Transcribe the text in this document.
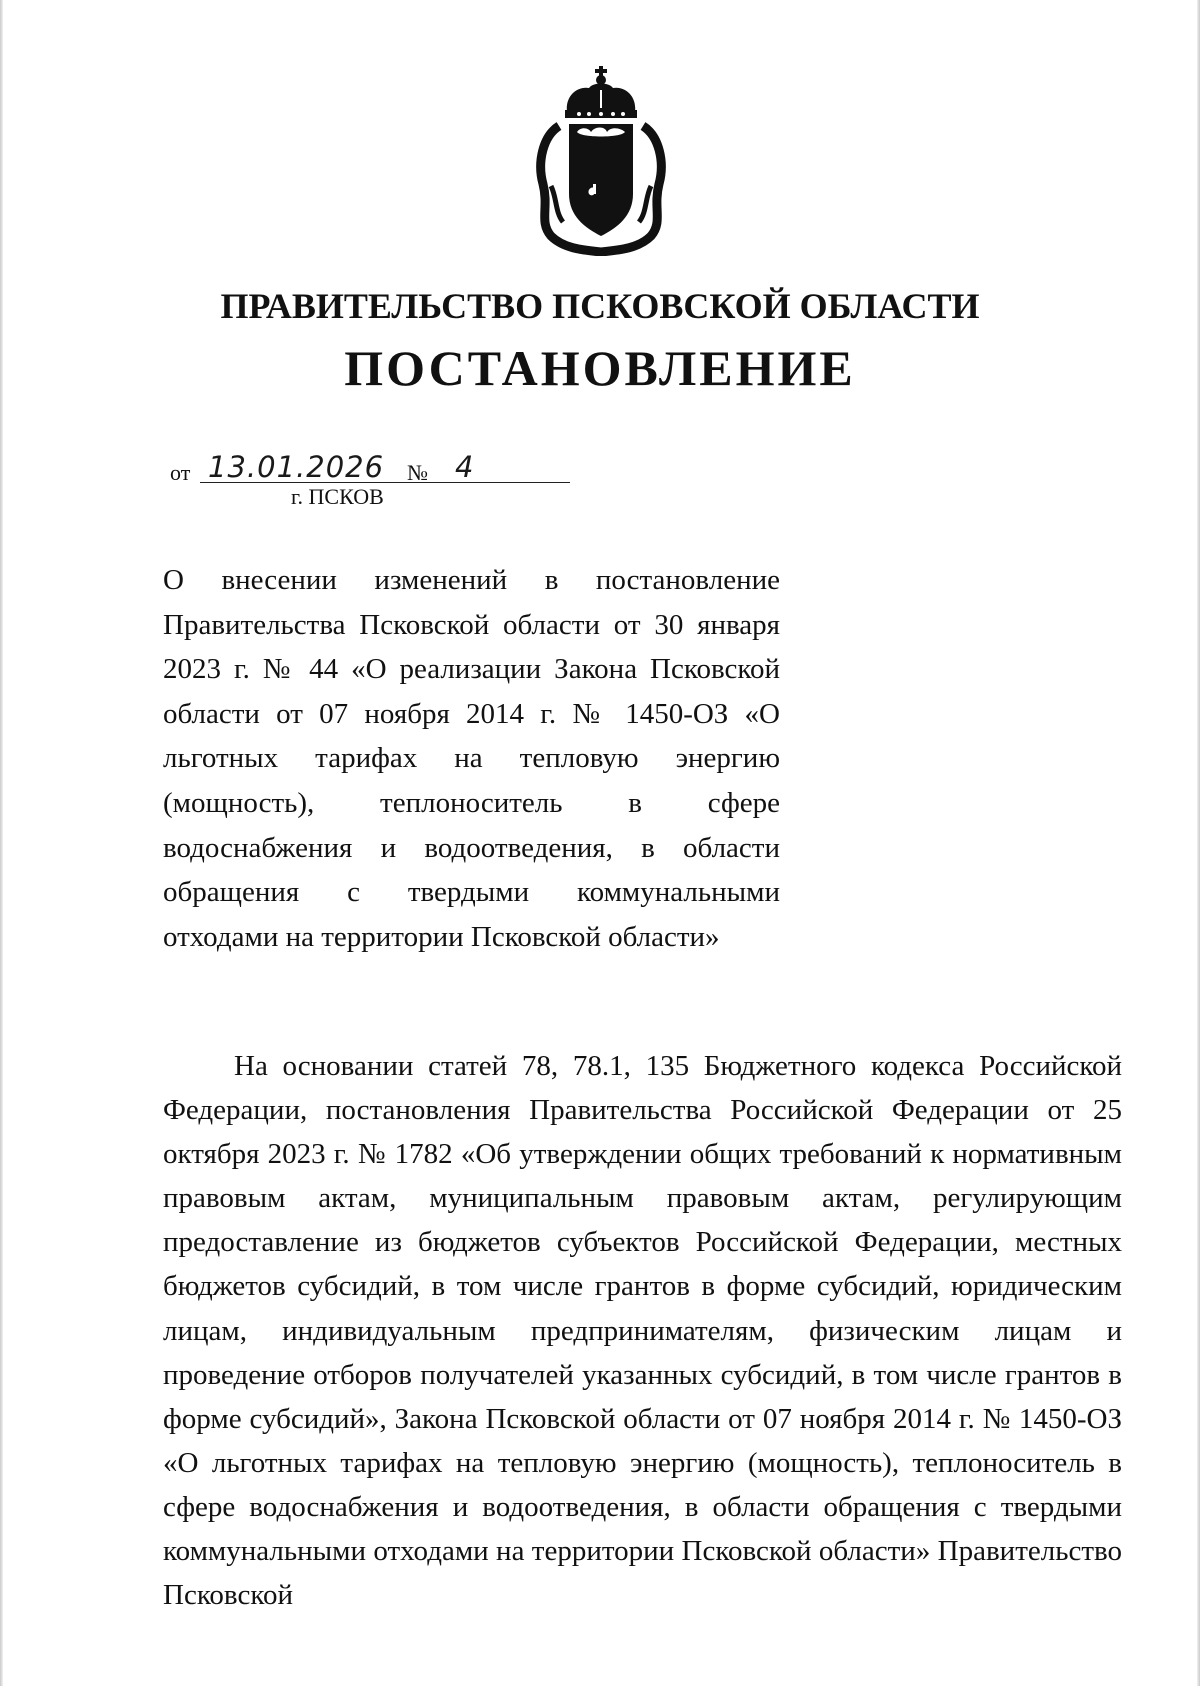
ПРАВИТЕЛЬСТВО ПСКОВСКОЙ ОБЛАСТИ
ПОСТАНОВЛЕНИЕ
от 13.01.2026 № 4
г. ПСКОВ
О внесении изменений в постановление Правительства Псковской области от 30 января 2023 г. № 44 «О реализации Закона Псковской области от 07 ноября 2014 г. № 1450-ОЗ «О льготных тарифах на тепловую энергию (мощность), теплоноситель в сфере водоснабжения и водоотведения, в области обращения с твердыми коммунальными отходами на территории Псковской области»
На основании статей 78, 78.1, 135 Бюджетного кодекса Российской Федерации, постановления Правительства Российской Федерации от 25 октября 2023 г. № 1782 «Об утверждении общих требований к нормативным правовым актам, муниципальным правовым актам, регулирующим предоставление из бюджетов субъектов Российской Федерации, местных бюджетов субсидий, в том числе грантов в форме субсидий, юридическим лицам, индивидуальным предпринимателям, физическим лицам и проведение отборов получателей указанных субсидий, в том числе грантов в форме субсидий», Закона Псковской области от 07 ноября 2014 г. № 1450-ОЗ «О льготных тарифах на тепловую энергию (мощность), теплоноситель в сфере водоснабжения и водоотведения, в области обращения с твердыми коммунальными отходами на территории Псковской области» Правительство Псковской
